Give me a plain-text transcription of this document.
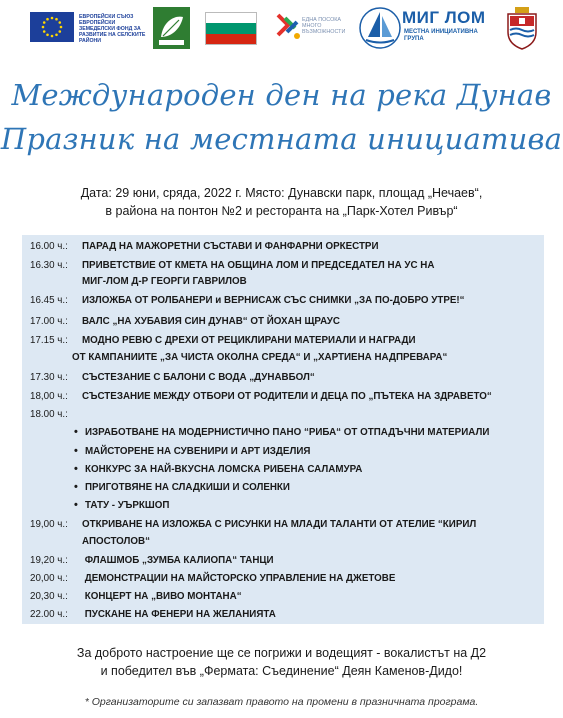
ЕВРОПЕЙСКИ СЪЮЗ ЕВРОПЕЙСКИ ЗЕМЕДЕЛСКИ ФОНД ЗА РАЗВИТИЕ НА СЕЛСКИТЕ РАЙОНИ
ЕДНА ПОСОКА МНОГО ВЪЗМОЖНОСТИ
МИГ ЛОМ
МЕСТНА ИНИЦИАТИВНА ГРУПА
Международен ден на река Дунав
Празник на местната инициатива
Дата: 29 юни, сряда, 2022 г. Място: Дунавски парк, площад „Нечаев“,
в района на понтон №2 и ресторанта на „Парк-Хотел Ривър“
16.00 ч.: ПАРАД НА МАЖОРЕТНИ СЪСТАВИ И ФАНФАРНИ ОРКЕСТРИ
16.30 ч.: ПРИВЕТСТВИЕ ОТ КМЕТА НА ОБЩИНА ЛОМ И ПРЕДСЕДАТЕЛ НА УС НА
МИГ-ЛОМ Д-Р ГЕОРГИ ГАВРИЛОВ
16.45 ч.: ИЗЛОЖБА ОТ РОЛБАНЕРИ и ВЕРНИСАЖ СЪС СНИМКИ „ЗА ПО-ДОБРО УТРЕ!“
17.00 ч.: ВАЛС „НА ХУБАВИЯ СИН ДУНАВ“ ОТ ЙОХАН ЩРАУС
17.15 ч.: МОДНО РЕВЮ С ДРЕХИ ОТ РЕЦИКЛИРАНИ МАТЕРИАЛИ И НАГРАДИ
ОТ КАМПАНИИТЕ „ЗА ЧИСТА ОКОЛНА СРЕДА“ И „ХАРТИЕНА НАДПРЕВАРА“
17.30 ч.: СЪСТЕЗАНИЕ С БАЛОНИ С ВОДА „ДУНАВБОЛ“
18,00 ч.: СЪСТЕЗАНИЕ МЕЖДУ ОТБОРИ ОТ РОДИТЕЛИ И ДЕЦА ПО „ПЪТЕКА НА ЗДРАВЕТО“
18.00 ч.:
• ИЗРАБОТВАНЕ НА МОДЕРНИСТИЧНО ПАНО “РИБА“ ОТ ОТПАДЪЧНИ МАТЕРИАЛИ
• МАЙСТОРЕНЕ НА СУВЕНИРИ И АРТ ИЗДЕЛИЯ
• КОНКУРС ЗА НАЙ-ВКУСНА ЛОМСКА РИБЕНА САЛАМУРА
• ПРИГОТВЯНЕ НА СЛАДКИШИ И СОЛЕНКИ
• ТАТУ - УЪРКШОП
19,00 ч.: ОТКРИВАНЕ НА ИЗЛОЖБА С РИСУНКИ НА МЛАДИ ТАЛАНТИ ОТ АТЕЛИЕ “КИРИЛ
АПОСТОЛОВ“
19,20 ч.: ФЛАШМОБ „ЗУМБА КАЛИОПА“ ТАНЦИ
20,00 ч.: ДЕМОНСТРАЦИИ НА МАЙСТОРСКО УПРАВЛЕНИЕ НА ДЖЕТОВЕ
20,30 ч.: КОНЦЕРТ НА „ВИВО МОНТАНА“
22.00 ч.: ПУСКАНЕ НА ФЕНЕРИ НА ЖЕЛАНИЯТА
За доброто настроение ще се погрижи и водещият - вокалистът на Д2
и победител във „Фермата: Съединение“ Деян Каменов-Дидо!
* Организаторите си запазват правото на промени в празничната програма.
